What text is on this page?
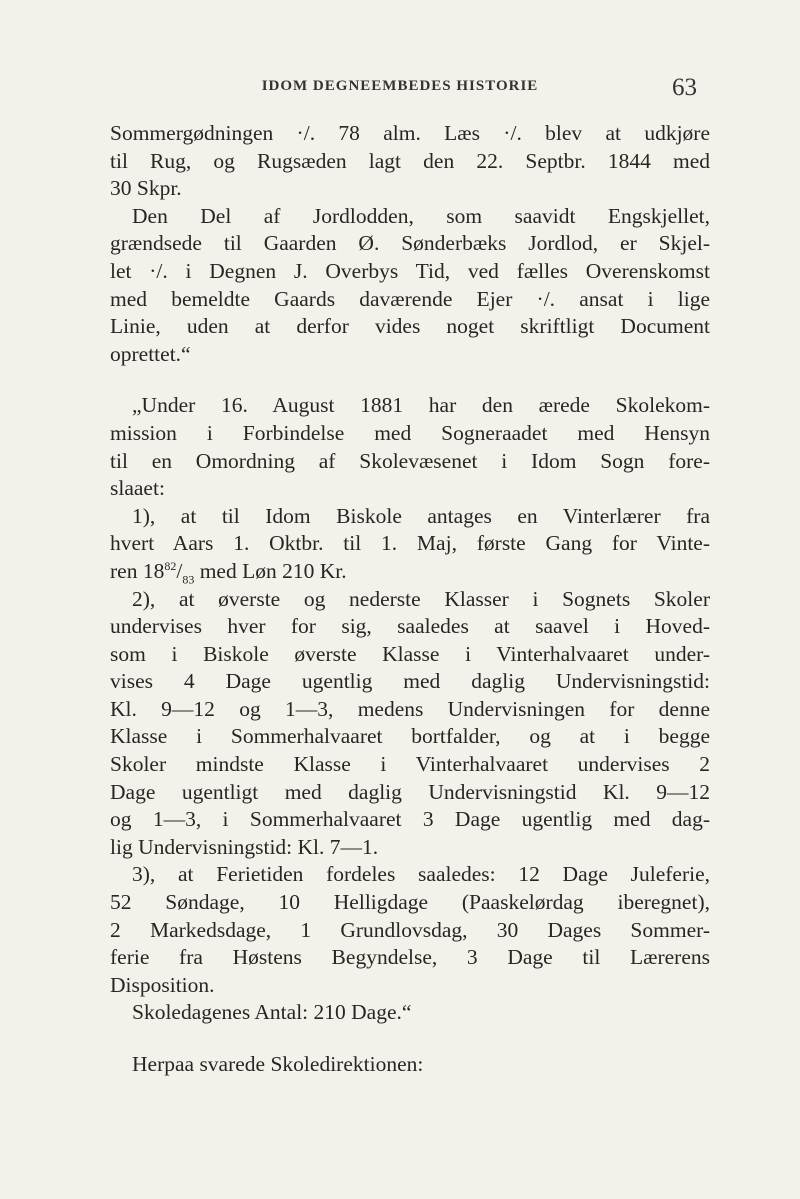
IDOM DEGNEEMBEDES HISTORIE	63
Sommergødningen ·/. 78 alm. Læs ·/. blev at udkjøre
til Rug, og Rugsæden lagt den 22. Septbr. 1844 med
30 Skpr.
Den Del af Jordlodden, som saavidt Engskjellet,
grændsede til Gaarden Ø. Sønderbæks Jordlod, er Skjel-
let ·/. i Degnen J. Overbys Tid, ved fælles Overenskomst
med bemeldte Gaards daværende Ejer ·/. ansat i lige
Linie, uden at derfor vides noget skriftligt Document
oprettet.“
„Under 16. August 1881 har den ærede Skolekom-
mission i Forbindelse med Sogneraadet med Hensyn
til en Omordning af Skolevæsenet i Idom Sogn fore-
slaaet:
1), at til Idom Biskole antages en Vinterlærer fra
hvert Aars 1. Oktbr. til 1. Maj, første Gang for Vinte-
ren $18^{82}/_{83}$ med Løn 210 Kr.
2), at øverste og nederste Klasser i Sognets Skoler
undervises hver for sig, saaledes at saavel i Hoved-
som i Biskole øverste Klasse i Vinterhalvaaret under-
vises 4 Dage ugentlig med daglig Undervisningstid:
Kl. 9—12 og 1—3, medens Undervisningen for denne
Klasse i Sommerhalvaaret bortfalder, og at i begge
Skoler mindste Klasse i Vinterhalvaaret undervises 2
Dage ugentligt med daglig Undervisningstid Kl. 9—12
og 1—3, i Sommerhalvaaret 3 Dage ugentlig med dag-
lig Undervisningstid: Kl. 7—1.
3), at Ferietiden fordeles saaledes: 12 Dage Juleferie,
52 Søndage, 10 Helligdage (Paaskelørdag iberegnet),
2 Markedsdage, 1 Grundlovsdag, 30 Dages Sommer-
ferie fra Høstens Begyndelse, 3 Dage til Lærerens
Disposition.
Skoledagenes Antal: 210 Dage.“
Herpaa svarede Skoledirektionen:
